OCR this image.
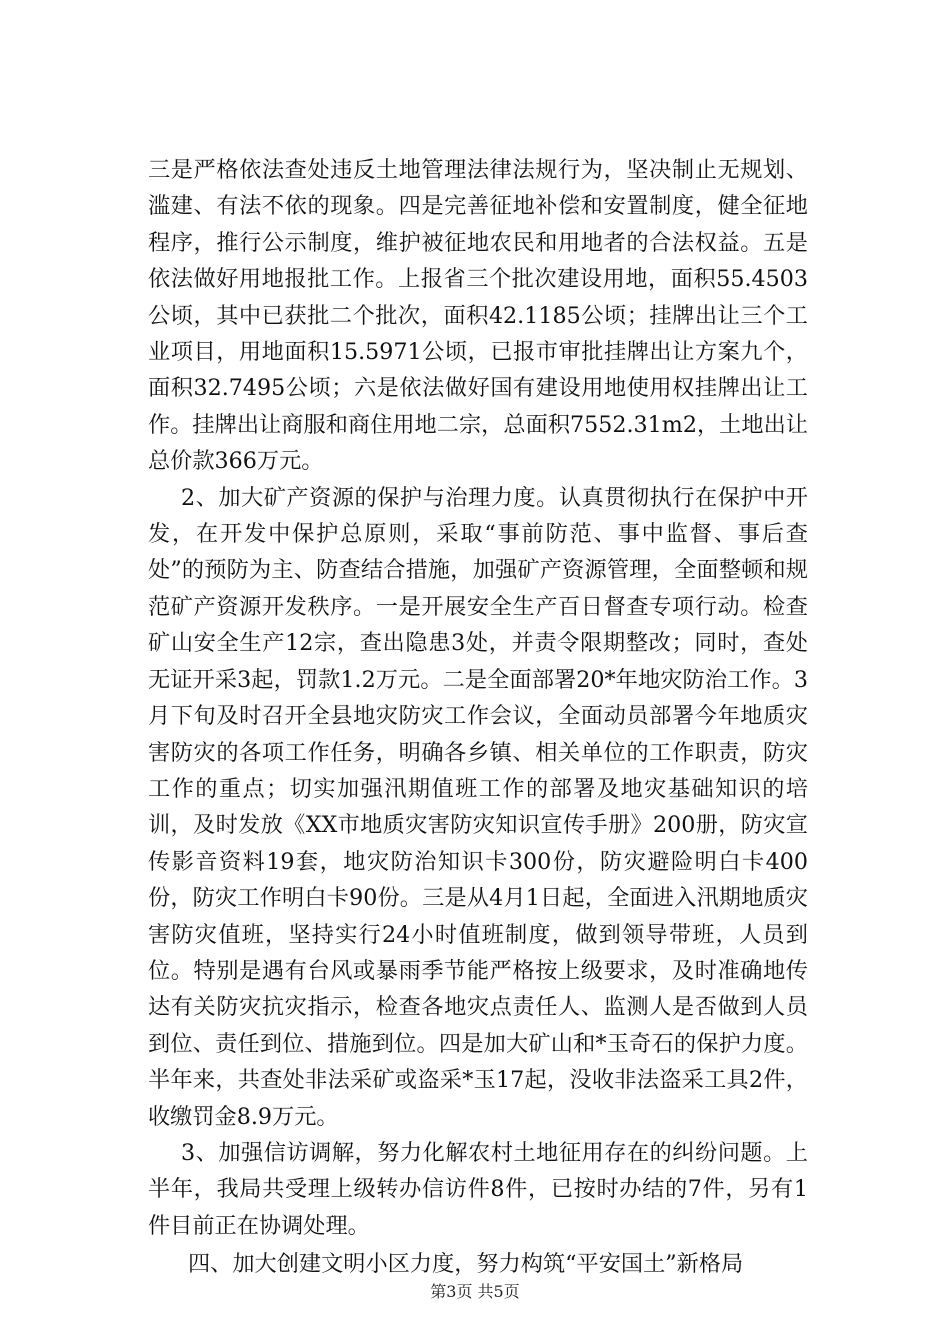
三是严格依法查处违反土地管理法律法规行为，坚决制止无规划、滥建、有法不依的现象。四是完善征地补偿和安置制度，健全征地程序，推行公示制度，维护被征地农民和用地者的合法权益。五是依法做好用地报批工作。上报省三个批次建设用地，面积55.4503公顷，其中已获批二个批次，面积42.1185公顷；挂牌出让三个工业项目，用地面积15.5971公顷，已报市审批挂牌出让方案九个，面积32.7495公顷；六是依法做好国有建设用地使用权挂牌出让工作。挂牌出让商服和商住用地二宗，总面积7552.31m2，土地出让总价款366万元。

2、加大矿产资源的保护与治理力度。认真贯彻执行在保护中开发，在开发中保护总原则，采取“事前防范、事中监督、事后查处”的预防为主、防查结合措施，加强矿产资源管理，全面整顿和规范矿产资源开发秩序。一是开展安全生产百日督查专项行动。检查矿山安全生产12宗，查出隐患3处，并责令限期整改；同时，查处无证开采3起，罚款1.2万元。二是全面部署20*年地灾防治工作。3月下旬及时召开全县地灾防灾工作会议，全面动员部署今年地质灾害防灾的各项工作任务，明确各乡镇、相关单位的工作职责，防灾工作的重点；切实加强汛期值班工作的部署及地灾基础知识的培训，及时发放《XX市地质灾害防灾知识宣传手册》200册，防灾宣传影音资料19套，地灾防治知识卡300份，防灾避险明白卡400份，防灾工作明白卡90份。三是从4月1日起，全面进入汛期地质灾害防灾值班，坚持实行24小时值班制度，做到领导带班，人员到位。特别是遇有台风或暴雨季节能严格按上级要求，及时准确地传达有关防灾抗灾指示，检查各地灾点责任人、监测人是否做到人员到位、责任到位、措施到位。四是加大矿山和*玉奇石的保护力度。半年来，共查处非法采矿或盗采*玉17起，没收非法盗采工具2件，收缴罚金8.9万元。

3、加强信访调解，努力化解农村土地征用存在的纠纷问题。上半年，我局共受理上级转办信访件8件，已按时办结的7件，另有1件目前正在协调处理。

四、加大创建文明小区力度，努力构筑“平安国土”新格局

第3页 共5页
